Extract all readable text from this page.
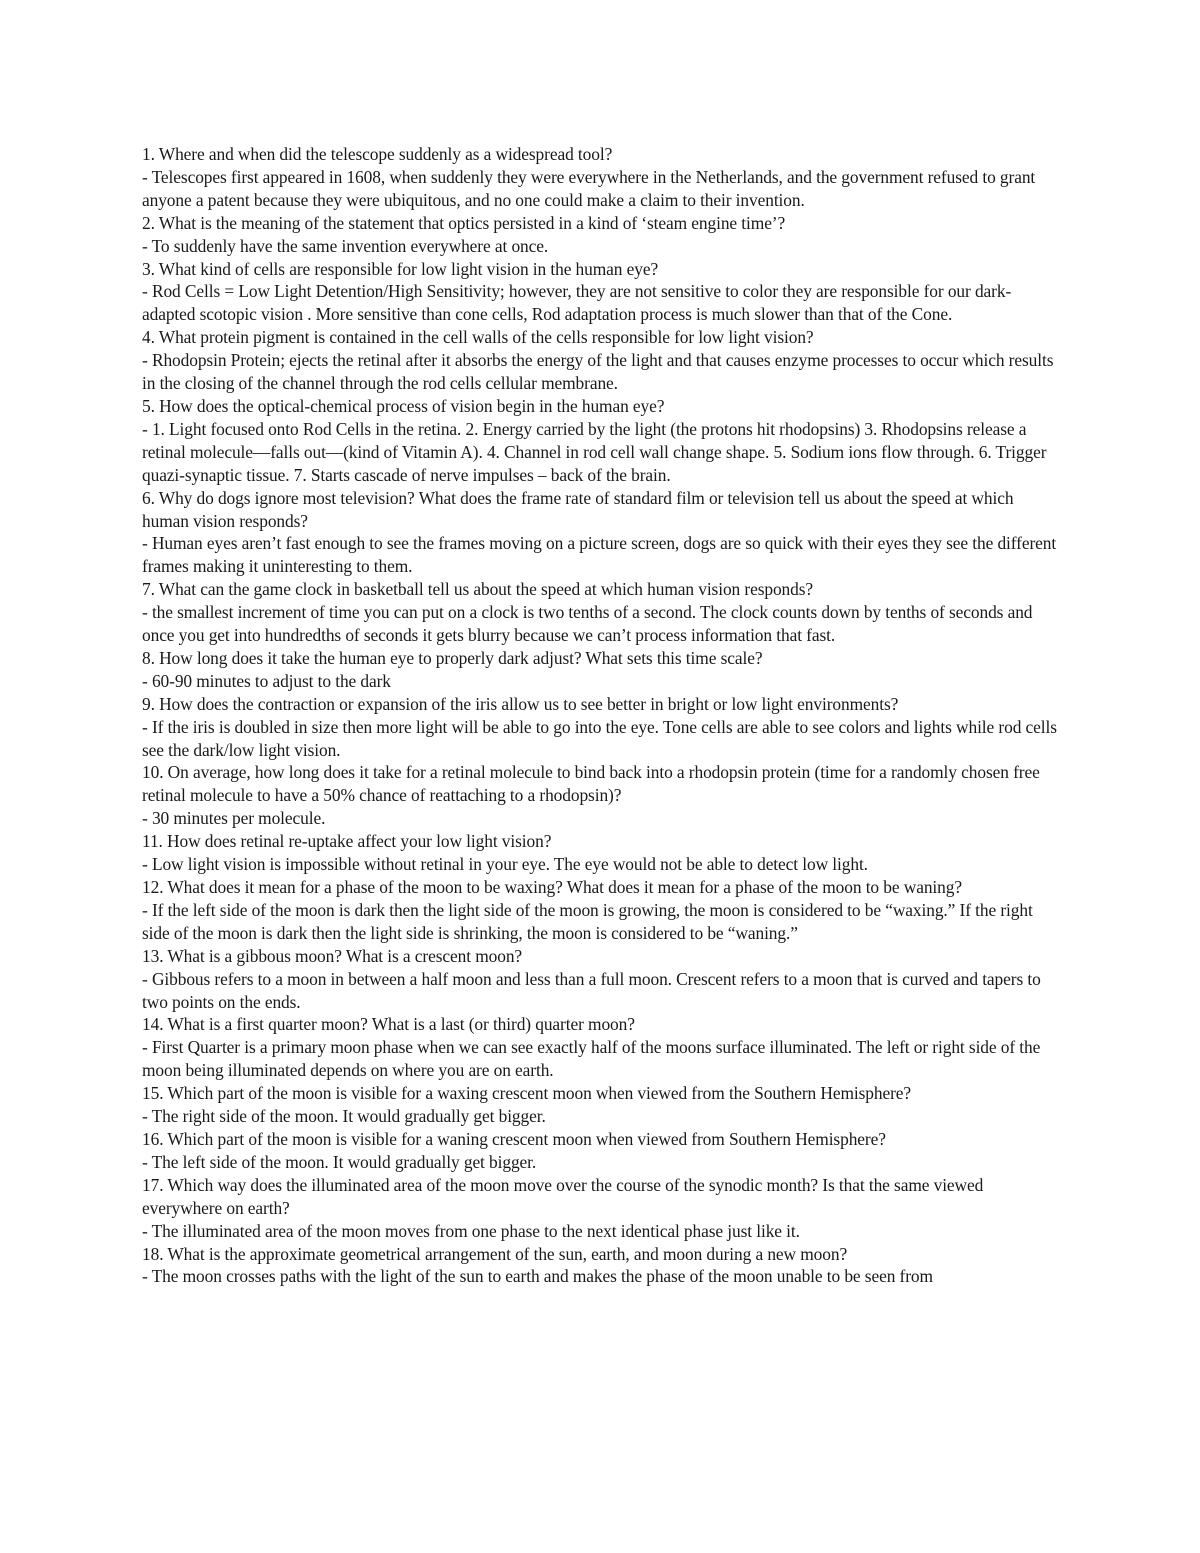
1. Where and when did the telescope suddenly as a widespread tool?

- Telescopes first appeared in 1608, when suddenly they were everywhere in the Netherlands, and the government refused to grant anyone a patent because they were ubiquitous, and no one could make a claim to their invention.

2. What is the meaning of the statement that optics persisted in a kind of ‘steam engine time’?

- To suddenly have the same invention everywhere at once.

3. What kind of cells are responsible for low light vision in the human eye?

- Rod Cells = Low Light Detention/High Sensitivity; however, they are not sensitive to color they are responsible for our dark-adapted scotopic vision . More sensitive than cone cells, Rod adaptation process is much slower than that of the Cone.

4. What protein pigment is contained in the cell walls of the cells responsible for low light vision?

- Rhodopsin Protein; ejects the retinal after it absorbs the energy of the light and that causes enzyme processes to occur which results in the closing of the channel through the rod cells cellular membrane.

5. How does the optical-chemical process of vision begin in the human eye?

- 1. Light focused onto Rod Cells in the retina. 2. Energy carried by the light (the protons hit rhodopsins) 3. Rhodopsins release a retinal molecule—falls out—(kind of Vitamin A). 4. Channel in rod cell wall change shape. 5. Sodium ions flow through. 6. Trigger quazi-synaptic tissue. 7. Starts cascade of nerve impulses – back of the brain.

6. Why do dogs ignore most television? What does the frame rate of standard film or television tell us about the speed at which human vision responds?

- Human eyes aren’t fast enough to see the frames moving on a picture screen, dogs are so quick with their eyes they see the different frames making it uninteresting to them.

7. What can the game clock in basketball tell us about the speed at which human vision responds?

- the smallest increment of time you can put on a clock is two tenths of a second. The clock counts down by tenths of seconds and once you get into hundredths of seconds it gets blurry because we can’t process information that fast.

8. How long does it take the human eye to properly dark adjust? What sets this time scale?

- 60-90 minutes to adjust to the dark

9. How does the contraction or expansion of the iris allow us to see better in bright or low light environments?

- If the iris is doubled in size then more light will be able to go into the eye. Tone cells are able to see colors and lights while rod cells see the dark/low light vision.

10. On average, how long does it take for a retinal molecule to bind back into a rhodopsin protein (time for a randomly chosen free retinal molecule to have a 50% chance of reattaching to a rhodopsin)?

- 30 minutes per molecule.

11. How does retinal re-uptake affect your low light vision?

- Low light vision is impossible without retinal in your eye. The eye would not be able to detect low light.

12. What does it mean for a phase of the moon to be waxing? What does it mean for a phase of the moon to be waning?

- If the left side of the moon is dark then the light side of the moon is growing, the moon is considered to be “waxing.” If the right side of the moon is dark then the light side is shrinking, the moon is considered to be “waning.”

13. What is a gibbous moon? What is a crescent moon?

- Gibbous refers to a moon in between a half moon and less than a full moon. Crescent refers to a moon that is curved and tapers to two points on the ends.

14. What is a first quarter moon? What is a last (or third) quarter moon?

- First Quarter is a primary moon phase when we can see exactly half of the moons surface illuminated. The left or right side of the moon being illuminated depends on where you are on earth.

15. Which part of the moon is visible for a waxing crescent moon when viewed from the Southern Hemisphere?

- The right side of the moon. It would gradually get bigger.

16. Which part of the moon is visible for a waning crescent moon when viewed from Southern Hemisphere?

- The left side of the moon. It would gradually get bigger.

17. Which way does the illuminated area of the moon move over the course of the synodic month? Is that the same viewed everywhere on earth?

- The illuminated area of the moon moves from one phase to the next identical phase just like it.

18. What is the approximate geometrical arrangement of the sun, earth, and moon during a new moon?

- The moon crosses paths with the light of the sun to earth and makes the phase of the moon unable to be seen from
